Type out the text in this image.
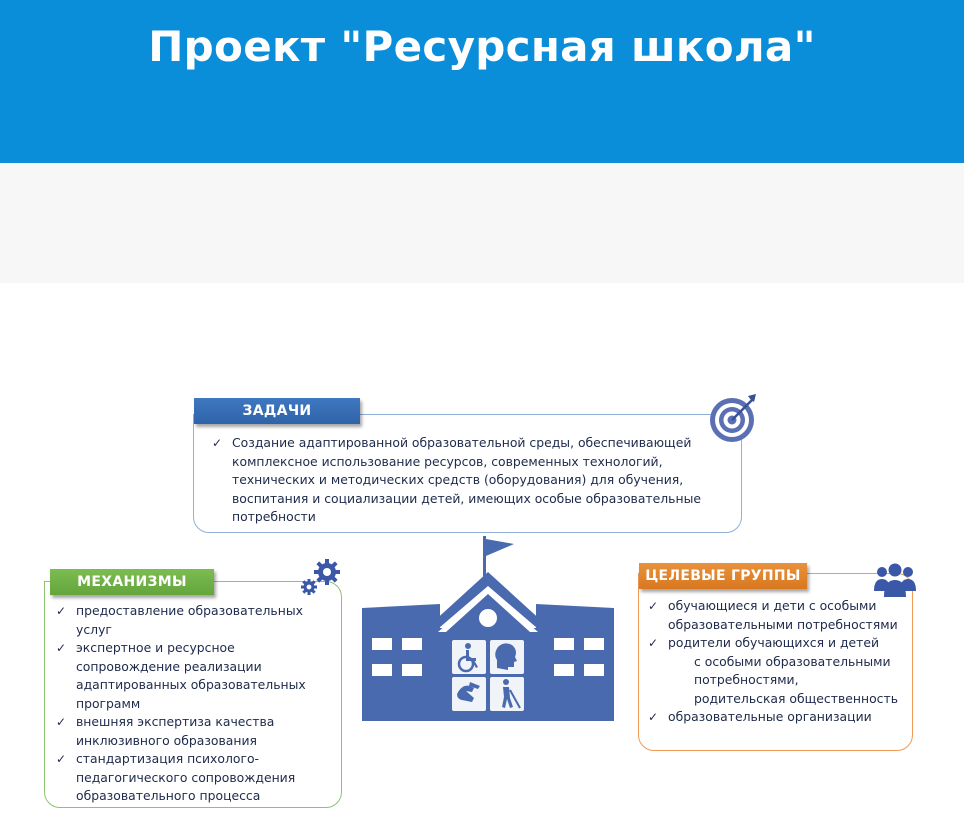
Проект "Ресурсная школа"
ЗАДАЧИ
✓ Создание адаптированной образовательной среды, обеспечивающей комплексное использование ресурсов, современных технологий, технических и методических средств (оборудования) для обучения, воспитания и социализации детей, имеющих особые образовательные потребности
МЕХАНИЗМЫ
✓ предоставление образовательных услуг
✓ экспертное и ресурсное сопровождение реализации адаптированных образовательных программ
✓ внешняя экспертиза качества инклюзивного образования
✓ стандартизация психолого-педагогического сопровождения образовательного процесса
ЦЕЛЕВЫЕ ГРУППЫ
✓ обучающиеся и дети с особыми образовательными потребностями
✓ родители обучающихся и детей
с особыми образовательными потребностями,
родительская общественность
✓ образовательные организации
